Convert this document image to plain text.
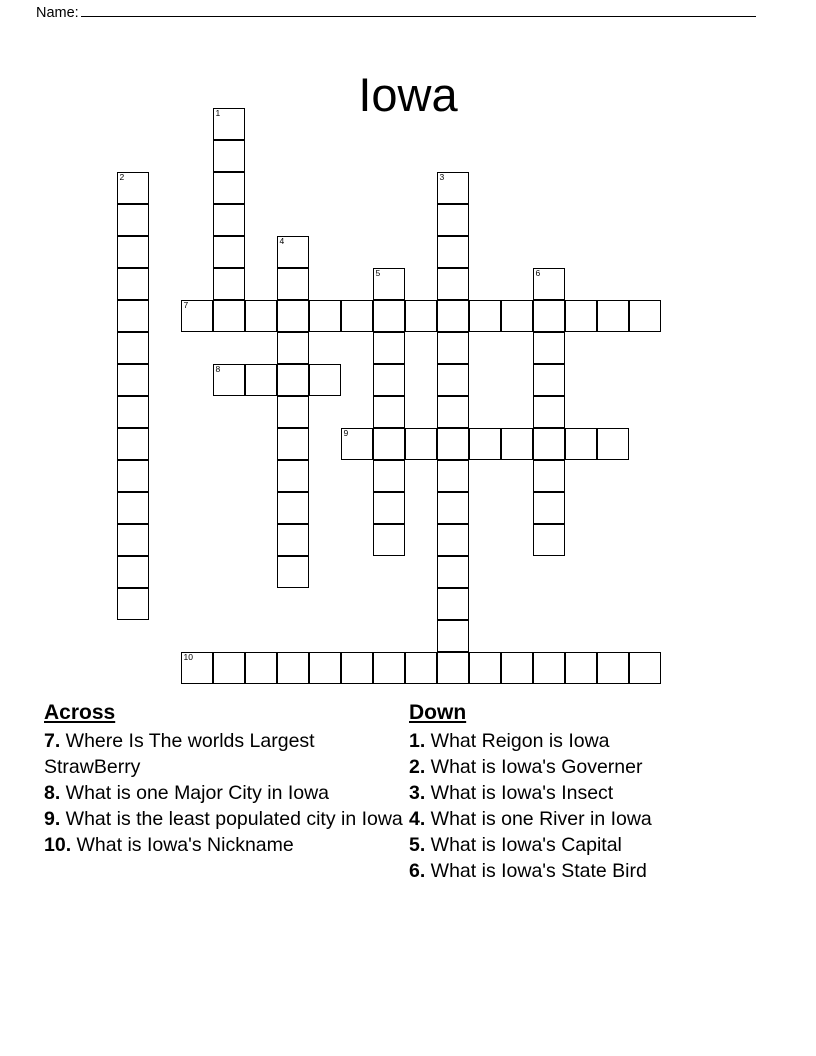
Name:
Iowa
1
2	3
4
5	6
7
8
9
10
Across
7. Where Is The worlds Largest StrawBerry
8. What is one Major City in Iowa
9. What is the least populated city in Iowa
10. What is Iowa's Nickname
Down
1. What Reigon is Iowa
2. What is Iowa's Governer
3. What is Iowa's Insect
4. What is one River in Iowa
5. What is Iowa's Capital
6. What is Iowa's State Bird
